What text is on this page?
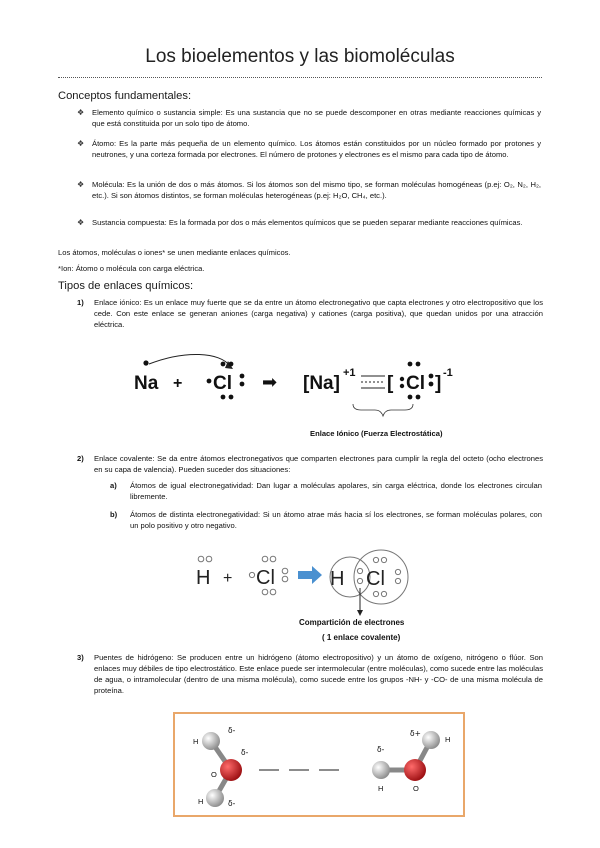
Los bioelementos y las biomoléculas
Conceptos fundamentales:
❖ Elemento químico o sustancia simple: Es una sustancia que no se puede descomponer en otras mediante reacciones químicas y que está constituida por un solo tipo de átomo.
❖ Átomo: Es la parte más pequeña de un elemento químico. Los átomos están constituidos por un núcleo formado por protones y neutrones, y una corteza formada por electrones. El número de protones y electrones es el mismo para cada tipo de átomo.
❖ Molécula: Es la unión de dos o más átomos. Si los átomos son del mismo tipo, se forman moléculas homogéneas (p.ej: O₂, N₂, H₂, etc.). Si son átomos distintos, se forman moléculas heterogéneas (p.ej: H₂O, CH₄, etc.).
❖ Sustancia compuesta: Es la formada por dos o más elementos químicos que se pueden separar mediante reacciones químicas.
Los átomos, moléculas o iones* se unen mediante enlaces químicos.
*Ion: Átomo o molécula con carga eléctrica.
Tipos de enlaces químicos:
1) Enlace iónico: Es un enlace muy fuerte que se da entre un átomo electronegativo que capta electrones y otro electropositivo que los cede. Con este enlace se generan aniones (carga negativa) y cationes (carga positiva), que quedan unidos por una atracción eléctrica.
Na + Cl ➡ [Na] +1 [ Cl ] -1
Enlace Iónico (Fuerza Electrostática)
2) Enlace covalente: Se da entre átomos electronegativos que comparten electrones para cumplir la regla del octeto (ocho electrones en su capa de valencia). Pueden suceder dos situaciones:
a) Átomos de igual electronegatividad: Dan lugar a moléculas apolares, sin carga eléctrica, donde los electrones circulan libremente.
b) Átomos de distinta electronegatividad: Si un átomo atrae más hacia sí los electrones, se forman moléculas polares, con un polo positivo y otro negativo.
H + Cl	H Cl
Compartición de electrones
( 1 enlace covalente)
3) Puentes de hidrógeno: Se producen entre un hidrógeno (átomo electropositivo) y un átomo de oxígeno, nitrógeno o flúor. Son enlaces muy débiles de tipo electrostático. Este enlace puede ser intermolecular (entre moléculas), como sucede entre las moléculas de agua, o intramolecular (dentro de una misma molécula), como sucede entre los grupos -NH- y -CO- de una misma molécula de proteína.
H
δ-
δ-
O
H	δ-
δ-
δ+
H
H	O
